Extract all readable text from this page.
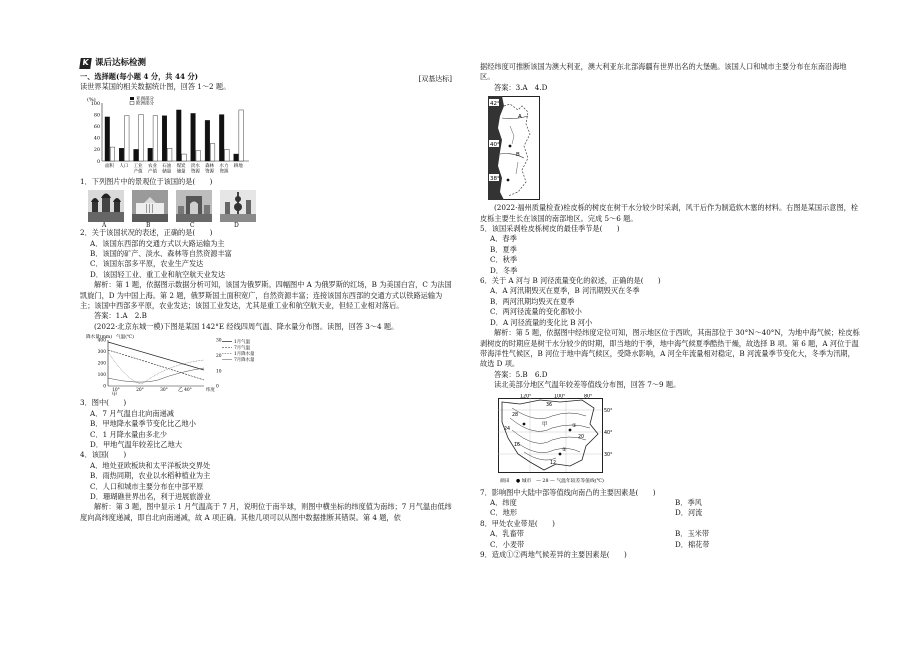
K 课后达标检测
[双基达标]

一、选择题(每小题 4 分，共 44 分)

读世界某国的相关数据统计图，回答 1～2 题。

(%)
100
80
60
40
20
0
亚洲部分
欧洲部分
面积 人口 工业
产值
农业
产值
石油
储量
煤炭
储量
淡水
资源
森林
资源
水力
资源
耕地

1．下列图片中的景观位于该国的是(　　)

A	B	C	D

2．关于该国状况的表述，正确的是(　　)

A．该国东西部的交通方式以大路运输为主

B．该国的矿产、淡水、森林等自然资源丰富

C．该国东部多平原，农业生产发达

D．该国轻工业、重工业和航空航天业发达

解析：第 1 题，依据图示数据分析可知，该国为俄罗斯。四幅图中 A 为俄罗斯的红场，B 为美国白宫，C 为法国凯旋门，D 为中国上海。第 2 题，俄罗斯国土面积宽广，自然资源丰富；连接该国东西部的交通方式以铁路运输为主；该国中西部多平原，农业发达；该国工业发达，尤其是重工业和航空航天业，但轻工业相对落后。

答案：1.A　2.B

(2022·北京东城一模)下图是某国 142°E 经线四周气温、降水量分布图。读图，回答 3～4 题。

降水量(mm) 气温(℃)
400
300
200
100
0
10°	20°	30°	40°	纬度
甲
乙
1月气温
7月气温
1月降水量
7月降水量
30
20
10
0

3．图中(　　)

A．7 月气温自北向南递减

B．甲地降水量季节变化比乙地小

C．1 月降水量由多北少

D．甲地气温年较差比乙地大

4．该国(　　)

A．地处亚欧板块和太平洋板块交界处

B．雨热同期，农业以水稻种植业为主

C．人口和城市主要分布在中部平原

D．珊瑚礁世界出名，利于进展旅游业

解析：第 3 题，图中显示 1 月气温高于 7 月，说明位于南半球，则图中横坐标的纬度值为南纬；7 月气温由低纬度向高纬度递减，即自北向南递减，故 A 项正确。其他几项可以从图中数据推断其错误。第 4 题，依

据经纬度可推断该国为澳大利亚，澳大利亚东北部海疆有世界出名的大堡礁。该国人口和城市主要分布在东南沿海地区。

答案：3.A　4.D

42°
40°
38°
A
B

(2022·福州质量检查)栓皮栎的树皮在树干水分较少时采剥，风干后作为制造软木塞的材料。右图是某国示意图，栓皮栎主要生长在该国的南部地区。完成 5～6 题。

5．该国采剥栓皮栎树皮的最佳季节是(　　)

A．春季

B．夏季

C．秋季

D．冬季

6．关于 A 河与 B 河径流量变化的叙述，正确的是(　　)

A．A 河汛期毁灭在夏季，B 河汛期毁灭在冬季

B．两河汛期均毁灭在夏季

C．两河径流量的变化都较小

D．A 河径流量的变化比 B 河小

解析：第 5 题，依据图中经纬度定位可知，图示地区位于西欧，其南部位于 30°N～40°N，为地中海气候；栓皮栎剥树皮的时期应是树干水分较少的时期，即当地的干季，地中海气候夏季酷热干燥，故选择 B 项。第 6 题，A 河位于温带海洋性气候区，B 河位于地中海气候区，受降水影响，A 河全年流量相对稳定，B 河流量季节变化大，冬季为汛期，故选 D 项。

答案：5.B　6.D

读北美部分地区气温年较差等值线分布图，回答 7～9 题。

120°	100°	80°
50°
40°
30°
36
28
24
20
16
12
甲	①
②
颜田 ● 城市　— 28 — 气温年较差等值线(℃)

7．影响图中大陆中部等值线向南凸的主要因素是(　　)

A．纬度	B．季风
C．地形	D．河流

8．甲处农业带是(　　)

A．乳畜带	B．玉米带
C．小麦带	D．棉花带

9．造成①②两地气候差异的主要因素是(　　)
